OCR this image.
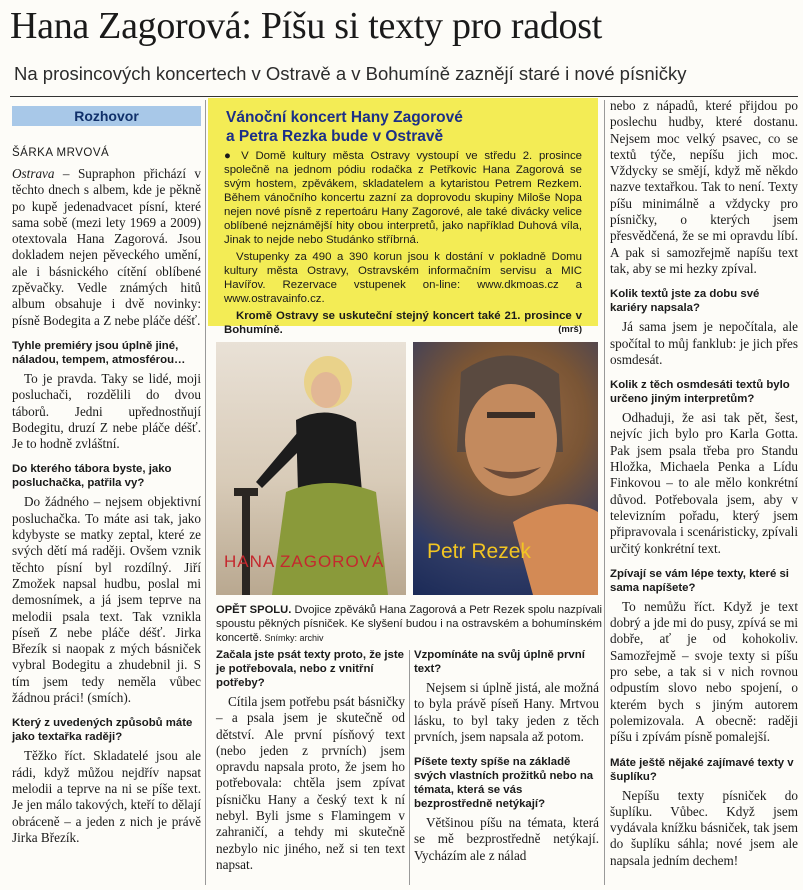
Hana Zagorová: Píšu si texty pro radost
Na prosincových koncertech v Ostravě a v Bohumíně zaznějí staré i nové písničky
Rozhovor
ŠÁRKA MRVOVÁ

Ostrava – Supraphon přichází v těchto dnech s albem, kde je pěkně po kupě jedenadvacet písní, které sama sobě (mezi lety 1969 a 2009) otextovala Hana Zagorová. Jsou dokladem nejen pěveckého umění, ale i básnického cítění oblíbené zpěvačky. Vedle známých hitů album obsahuje i dvě novinky: písně Bodegita a Z nebe pláče déšť.

Tyhle premiéry jsou úplně jiné, náladou, tempem, atmosférou…

To je pravda. Taky se lidé, moji posluchači, rozdělili do dvou táborů. Jedni upřednostňují Bodegitu, druzí Z nebe pláče déšť. Je to hodně zvláštní.

Do kterého tábora byste, jako posluchačka, patřila vy?

Do žádného – nejsem objektivní posluchačka. To máte asi tak, jako kdybyste se matky zeptal, které ze svých dětí má raději. Ovšem vznik těchto písní byl rozdílný. Jiří Zmožek napsal hudbu, poslal mi demosnímek, a já jsem teprve na melodii psala text. Tak vznikla píseň Z nebe pláče déšť. Jirka Březík si naopak z mých básniček vybral Bodegitu a zhudebnil ji. S tím jsem tedy neměla vůbec žádnou práci! (smích).

Který z uvedených způsobů máte jako textařka raději?

Těžko říct. Skladatelé jsou ale rádi, když můžou nejdřív napsat melodii a teprve na ni se píše text. Je jen málo takových, kteří to dělají obráceně – a jeden z nich je právě Jirka Březík.

Vánoční koncert Hany Zagorové
a Petra Rezka bude v Ostravě

● V Domě kultury města Ostravy vystoupí ve středu 2. prosince společně na jednom pódiu rodačka z Petřkovic Hana Zagorová se svým hostem, zpěvákem, skladatelem a kytaristou Petrem Rezkem. Během vánočního koncertu zazní za doprovodu skupiny Miloše Nopa nejen nové písně z repertoáru Hany Zagorové, ale také divácky velice oblíbené nejznámější hity obou interpretů, jako například Duhová víla, Jinak to nejde nebo Studánko stříbrná.

Vstupenky za 490 a 390 korun jsou k dostání v pokladně Domu kultury města Ostravy, Ostravském informačním servisu a MIC Havířov. Rezervace vstupenek on-line: www.dkmoas.cz a www.ostravainfo.cz.

Kromě Ostravy se uskuteční stejný koncert také 21. prosince v Bohumíně.	(mrš)

HANA ZAGOROVÁ Petr Rezek
OPĚT SPOLU. Dvojice zpěváků Hana Zagorová a Petr Rezek spolu nazpívali spoustu pěkných písniček. Ke slyšení budou i na ostravském a bohumínském koncertě. Snímky: archiv
Začala jste psát texty proto, že jste je potřebovala, nebo z vnitřní potřeby?

Cítila jsem potřebu psát básničky – a psala jsem je skutečně od dětství. Ale první písňový text (nebo jeden z prvních) jsem opravdu napsala proto, že jsem ho potřebovala: chtěla jsem zpívat písničku Hany a český text k ní nebyl. Byli jsme s Flamingem v zahraničí, a tehdy mi skutečně nezbylo nic jiného, než si ten text napsat.

Vzpomínáte na svůj úplně první text?

Nejsem si úplně jistá, ale možná to byla právě píseň Hany. Mrtvou lásku, to byl taky jeden z těch prvních, jsem napsala až potom.

Píšete texty spíše na základě svých vlastních prožitků nebo na témata, která se vás bezprostředně netýkají?

Většinou píšu na témata, která se mě bezprostředně netýkají. Vycházím ale z nálad

nebo z nápadů, které přijdou po poslechu hudby, které dostanu. Nejsem moc velký psavec, co se textů týče, nepíšu jich moc. Vždycky se smějí, když mě někdo nazve textařkou. Tak to není. Texty píšu minimálně a vždycky pro písničky, o kterých jsem přesvědčená, že se mi opravdu líbí. A pak si samozřejmě napíšu text tak, aby se mi hezky zpíval.

Kolik textů jste za dobu své kariéry napsala?

Já sama jsem je nepočítala, ale spočítal to můj fanklub: je jich přes osmdesát.

Kolik z těch osmdesáti textů bylo určeno jiným interpretům?

Odhaduji, že asi tak pět, šest, nejvíc jich bylo pro Karla Gotta. Pak jsem psala třeba pro Standu Hložka, Michaela Penka a Lídu Finkovou – to ale mělo konkrétní důvod. Potřebovala jsem, aby v televizním pořadu, který jsem připravovala i scenáristicky, zpívali určitý konkrétní text.

Zpívají se vám lépe texty, které si sama napíšete?

To nemůžu říct. Když je text dobrý a jde mi do pusy, zpívá se mi dobře, ať je od kohokoliv. Samozřejmě – svoje texty si píšu pro sebe, a tak si v nich rovnou odpustím slovo nebo spojení, o kterém bych s jiným autorem polemizovala. A obecně: raději píšu i zpívám písně pomalejší.

Máte ještě nějaké zajímavé texty v šuplíku?

Nepíšu texty písniček do šuplíku. Vůbec. Když jsem vydávala knížku básniček, tak jsem do šuplíku sáhla; nové jsem ale napsala jedním dechem!
